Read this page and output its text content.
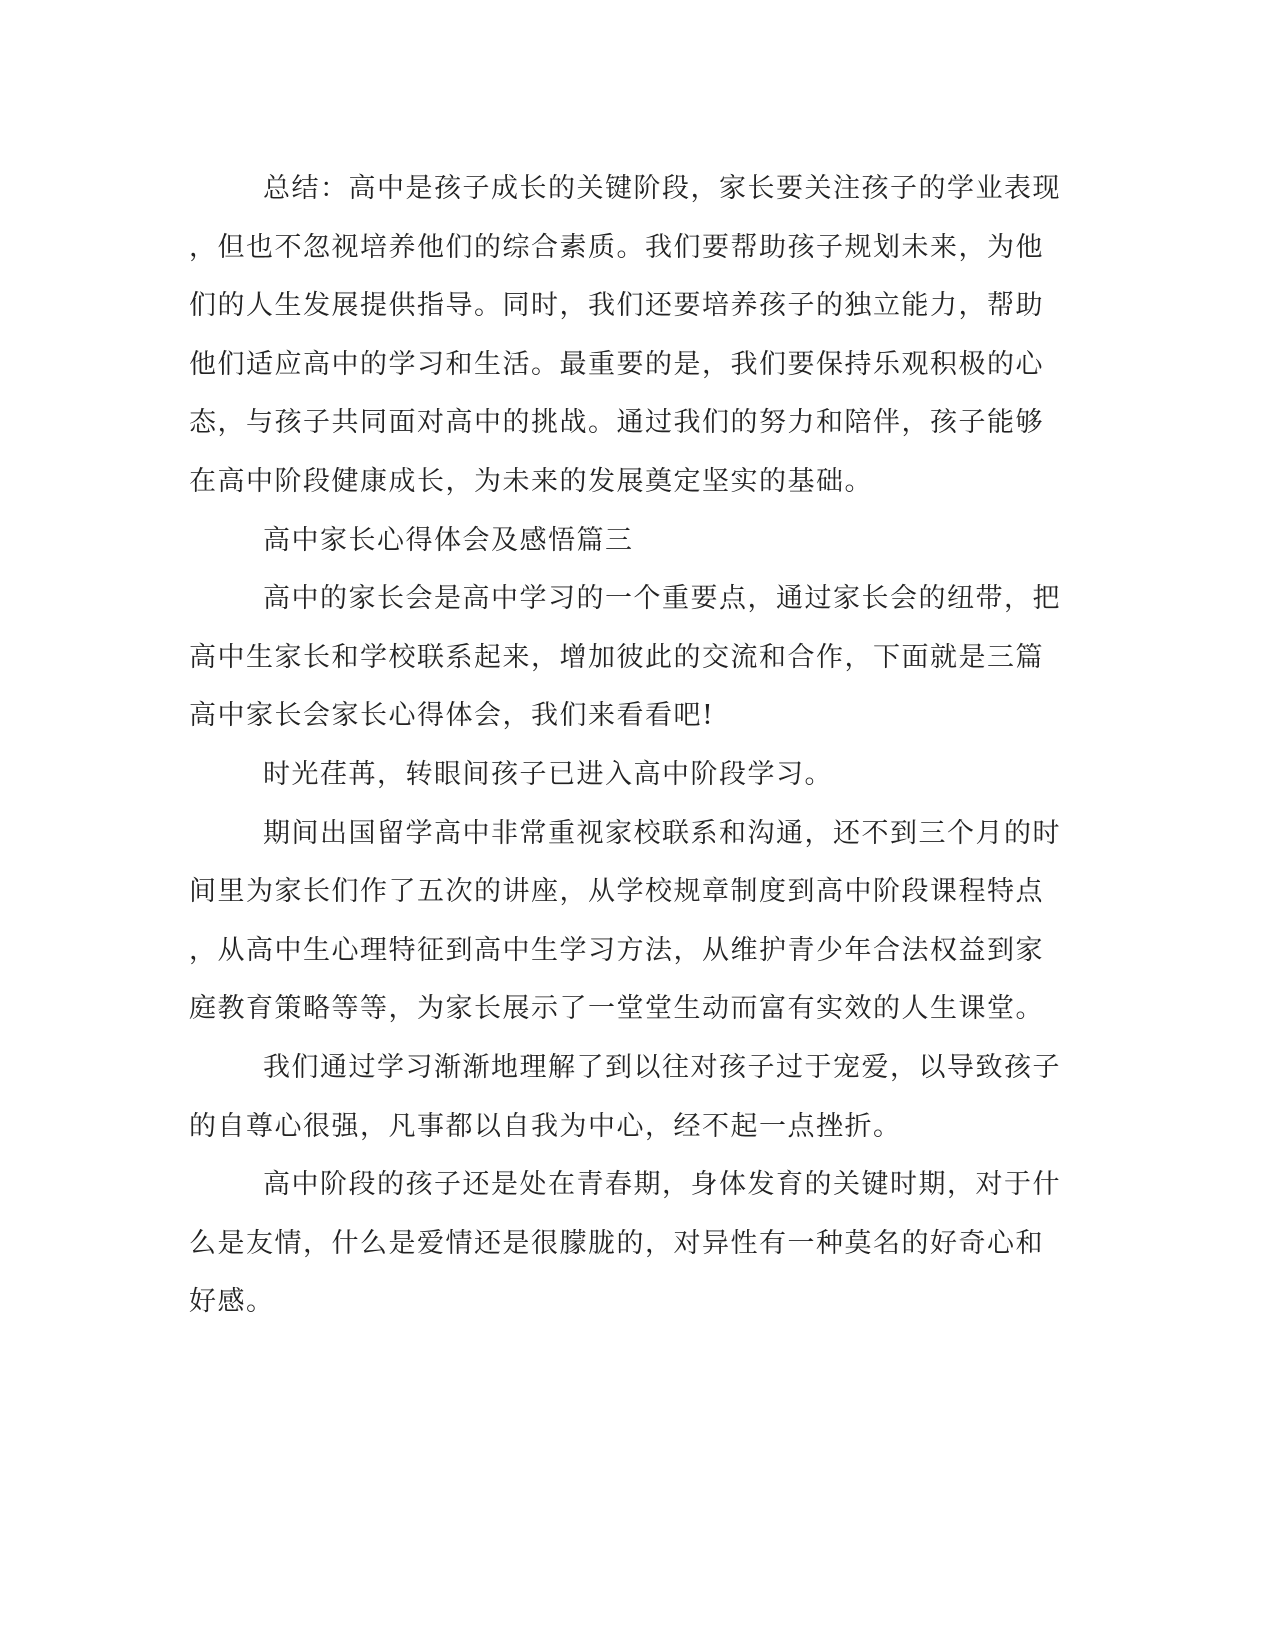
总结：高中是孩子成长的关键阶段，家长要关注孩子的学业表现
，但也不忽视培养他们的综合素质。我们要帮助孩子规划未来，为他
们的人生发展提供指导。同时，我们还要培养孩子的独立能力，帮助
他们适应高中的学习和生活。最重要的是，我们要保持乐观积极的心
态，与孩子共同面对高中的挑战。通过我们的努力和陪伴，孩子能够
在高中阶段健康成长，为未来的发展奠定坚实的基础。
高中家长心得体会及感悟篇三
高中的家长会是高中学习的一个重要点，通过家长会的纽带，把
高中生家长和学校联系起来，增加彼此的交流和合作，下面就是三篇
高中家长会家长心得体会，我们来看看吧!
时光荏苒，转眼间孩子已进入高中阶段学习。
期间出国留学高中非常重视家校联系和沟通，还不到三个月的时
间里为家长们作了五次的讲座，从学校规章制度到高中阶段课程特点
，从高中生心理特征到高中生学习方法，从维护青少年合法权益到家
庭教育策略等等，为家长展示了一堂堂生动而富有实效的人生课堂。
我们通过学习渐渐地理解了到以往对孩子过于宠爱，以导致孩子
的自尊心很强，凡事都以自我为中心，经不起一点挫折。
高中阶段的孩子还是处在青春期，身体发育的关键时期，对于什
么是友情，什么是爱情还是很朦胧的，对异性有一种莫名的好奇心和
好感。
